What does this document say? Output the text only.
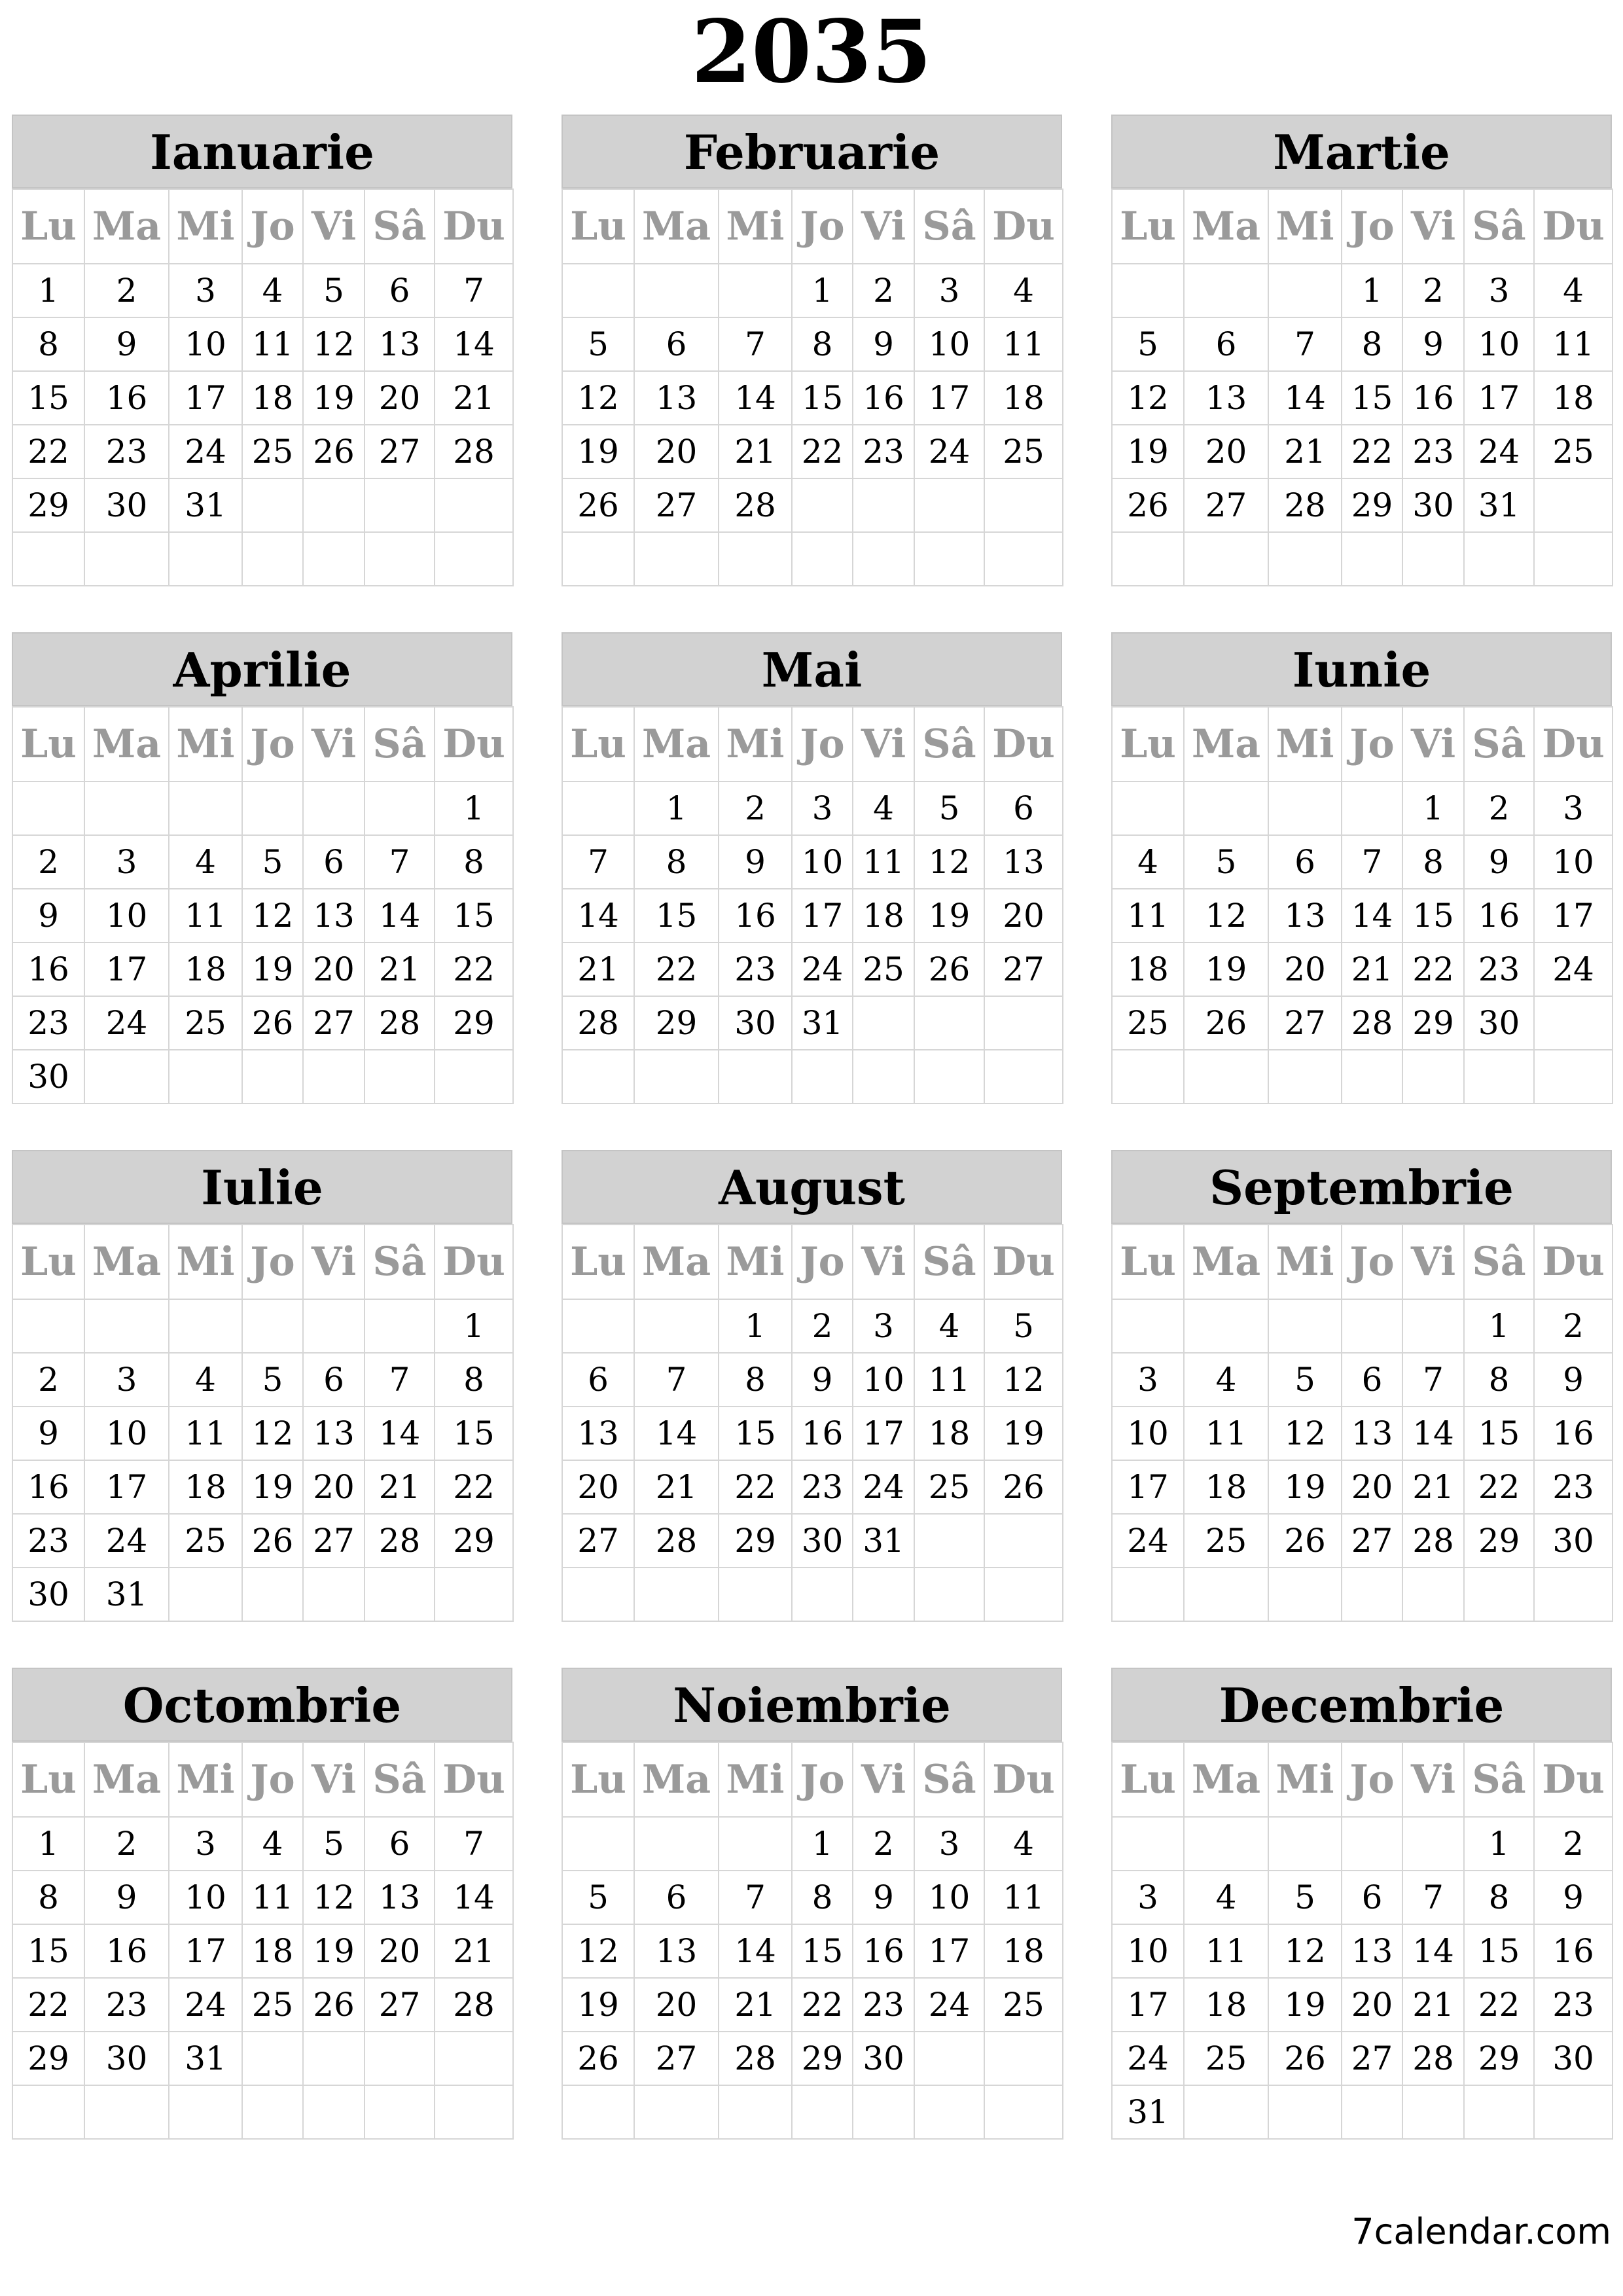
2035
Ianuarie
Lu	Ma	Mi	Jo	Vi	Sâ	Du
1	2	3	4	5	6	7
8	9	10	11	12	13	14
15	16	17	18	19	20	21
22	23	24	25	26	27	28
29	30	31				

Februarie
Lu	Ma	Mi	Jo	Vi	Sâ	Du
			1	2	3	4
5	6	7	8	9	10	11
12	13	14	15	16	17	18
19	20	21	22	23	24	25
26	27	28				

Martie
Lu	Ma	Mi	Jo	Vi	Sâ	Du
			1	2	3	4
5	6	7	8	9	10	11
12	13	14	15	16	17	18
19	20	21	22	23	24	25
26	27	28	29	30	31	

Aprilie
Lu	Ma	Mi	Jo	Vi	Sâ	Du
						1
2	3	4	5	6	7	8
9	10	11	12	13	14	15
16	17	18	19	20	21	22
23	24	25	26	27	28	29
30						
Mai
Lu	Ma	Mi	Jo	Vi	Sâ	Du
	1	2	3	4	5	6
7	8	9	10	11	12	13
14	15	16	17	18	19	20
21	22	23	24	25	26	27
28	29	30	31			

Iunie
Lu	Ma	Mi	Jo	Vi	Sâ	Du
				1	2	3
4	5	6	7	8	9	10
11	12	13	14	15	16	17
18	19	20	21	22	23	24
25	26	27	28	29	30	

Iulie
Lu	Ma	Mi	Jo	Vi	Sâ	Du
						1
2	3	4	5	6	7	8
9	10	11	12	13	14	15
16	17	18	19	20	21	22
23	24	25	26	27	28	29
30	31					
August
Lu	Ma	Mi	Jo	Vi	Sâ	Du
		1	2	3	4	5
6	7	8	9	10	11	12
13	14	15	16	17	18	19
20	21	22	23	24	25	26
27	28	29	30	31		

Septembrie
Lu	Ma	Mi	Jo	Vi	Sâ	Du
					1	2
3	4	5	6	7	8	9
10	11	12	13	14	15	16
17	18	19	20	21	22	23
24	25	26	27	28	29	30

Octombrie
Lu	Ma	Mi	Jo	Vi	Sâ	Du
1	2	3	4	5	6	7
8	9	10	11	12	13	14
15	16	17	18	19	20	21
22	23	24	25	26	27	28
29	30	31				

Noiembrie
Lu	Ma	Mi	Jo	Vi	Sâ	Du
			1	2	3	4
5	6	7	8	9	10	11
12	13	14	15	16	17	18
19	20	21	22	23	24	25
26	27	28	29	30		

Decembrie
Lu	Ma	Mi	Jo	Vi	Sâ	Du
					1	2
3	4	5	6	7	8	9
10	11	12	13	14	15	16
17	18	19	20	21	22	23
24	25	26	27	28	29	30
31						
7calendar.com
